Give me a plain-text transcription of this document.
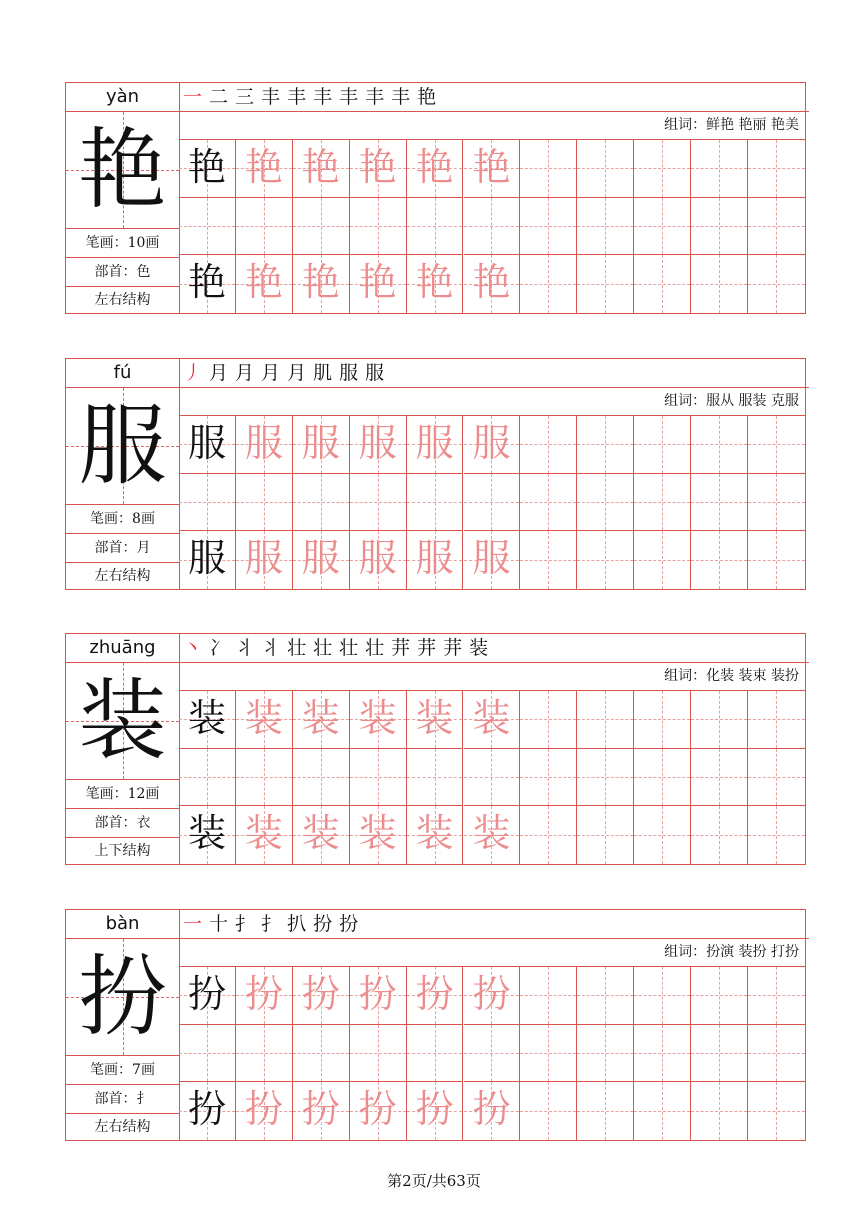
yàn
艳
笔画：10画
部首：色
左右结构
一 二 三 丰 丰 丰 丰 丰 丰 艳
组词：鲜艳 艳丽 艳美
艳 艳 艳 艳 艳 艳
艳 艳 艳 艳 艳 艳
fú
服
笔画：8画
部首：月
左右结构
丿 月 月 月 月 肌 服 服
组词：服从 服装 克服
服 服 服 服 服 服
服 服 服 服 服 服
zhuāng
装
笔画：12画
部首：衣
上下结构
丶 冫 丬 丬 壮 壮 壮 壮 茾 茾 茾 装
组词：化装 装束 装扮
装 装 装 装 装 装
装 装 装 装 装 装
bàn
扮
笔画：7画
部首：扌
左右结构
一 十 扌 扌 扒 扮 扮
组词：扮演 装扮 打扮
扮 扮 扮 扮 扮 扮
扮 扮 扮 扮 扮 扮
第2页/共63页
